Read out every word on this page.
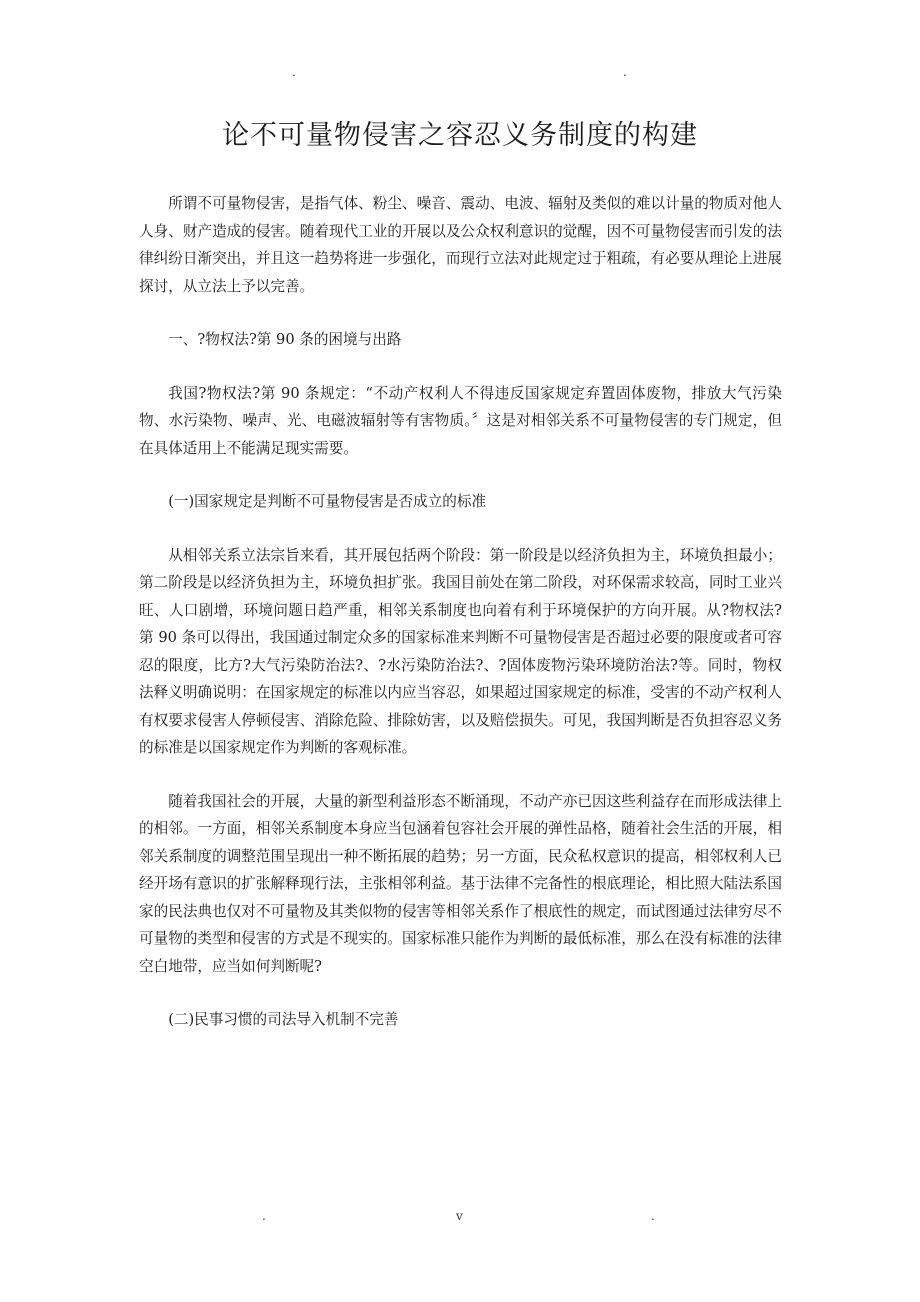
.	.
论不可量物侵害之容忍义务制度的构建

所谓不可量物侵害，是指气体、粉尘、噪音、震动、电波、辐射及类似的难以计量的物质对他人人身、财产造成的侵害。随着现代工业的开展以及公众权利意识的觉醒，因不可量物侵害而引发的法律纠纷日渐突出，并且这一趋势将进一步强化，而现行立法对此规定过于粗疏，有必要从理论上进展探讨，从立法上予以完善。

一、?物权法?第 90 条的困境与出路

我国?物权法?第 90 条规定：“不动产权利人不得违反国家规定弃置固体废物，排放大气污染物、水污染物、噪声、光、电磁波辐射等有害物质。〞这是对相邻关系不可量物侵害的专门规定，但在具体适用上不能满足现实需要。

(一)国家规定是判断不可量物侵害是否成立的标准

从相邻关系立法宗旨来看，其开展包括两个阶段：第一阶段是以经济负担为主，环境负担最小；第二阶段是以经济负担为主，环境负担扩张。我国目前处在第二阶段，对环保需求较高，同时工业兴旺、人口剧增，环境问题日趋严重，相邻关系制度也向着有利于环境保护的方向开展。从?物权法?第 90 条可以得出，我国通过制定众多的国家标准来判断不可量物侵害是否超过必要的限度或者可容忍的限度，比方?大气污染防治法?、?水污染防治法?、?固体废物污染环境防治法?等。同时，物权法释义明确说明：在国家规定的标准以内应当容忍，如果超过国家规定的标准，受害的不动产权利人有权要求侵害人停顿侵害、消除危险、排除妨害，以及赔偿损失。可见，我国判断是否负担容忍义务的标准是以国家规定作为判断的客观标准。

随着我国社会的开展，大量的新型利益形态不断涌现，不动产亦已因这些利益存在而形成法律上的相邻。一方面，相邻关系制度本身应当包涵着包容社会开展的弹性品格，随着社会生活的开展，相邻关系制度的调整范围呈现出一种不断拓展的趋势；另一方面，民众私权意识的提高，相邻权利人已经开场有意识的扩张解释现行法，主张相邻利益。基于法律不完备性的根底理论，相比照大陆法系国家的民法典也仅对不可量物及其类似物的侵害等相邻关系作了根底性的规定，而试图通过法律穷尽不可量物的类型和侵害的方式是不现实的。国家标准只能作为判断的最低标准，那么在没有标准的法律空白地带，应当如何判断呢?

(二)民事习惯的司法导入机制不完善

.	v	.
